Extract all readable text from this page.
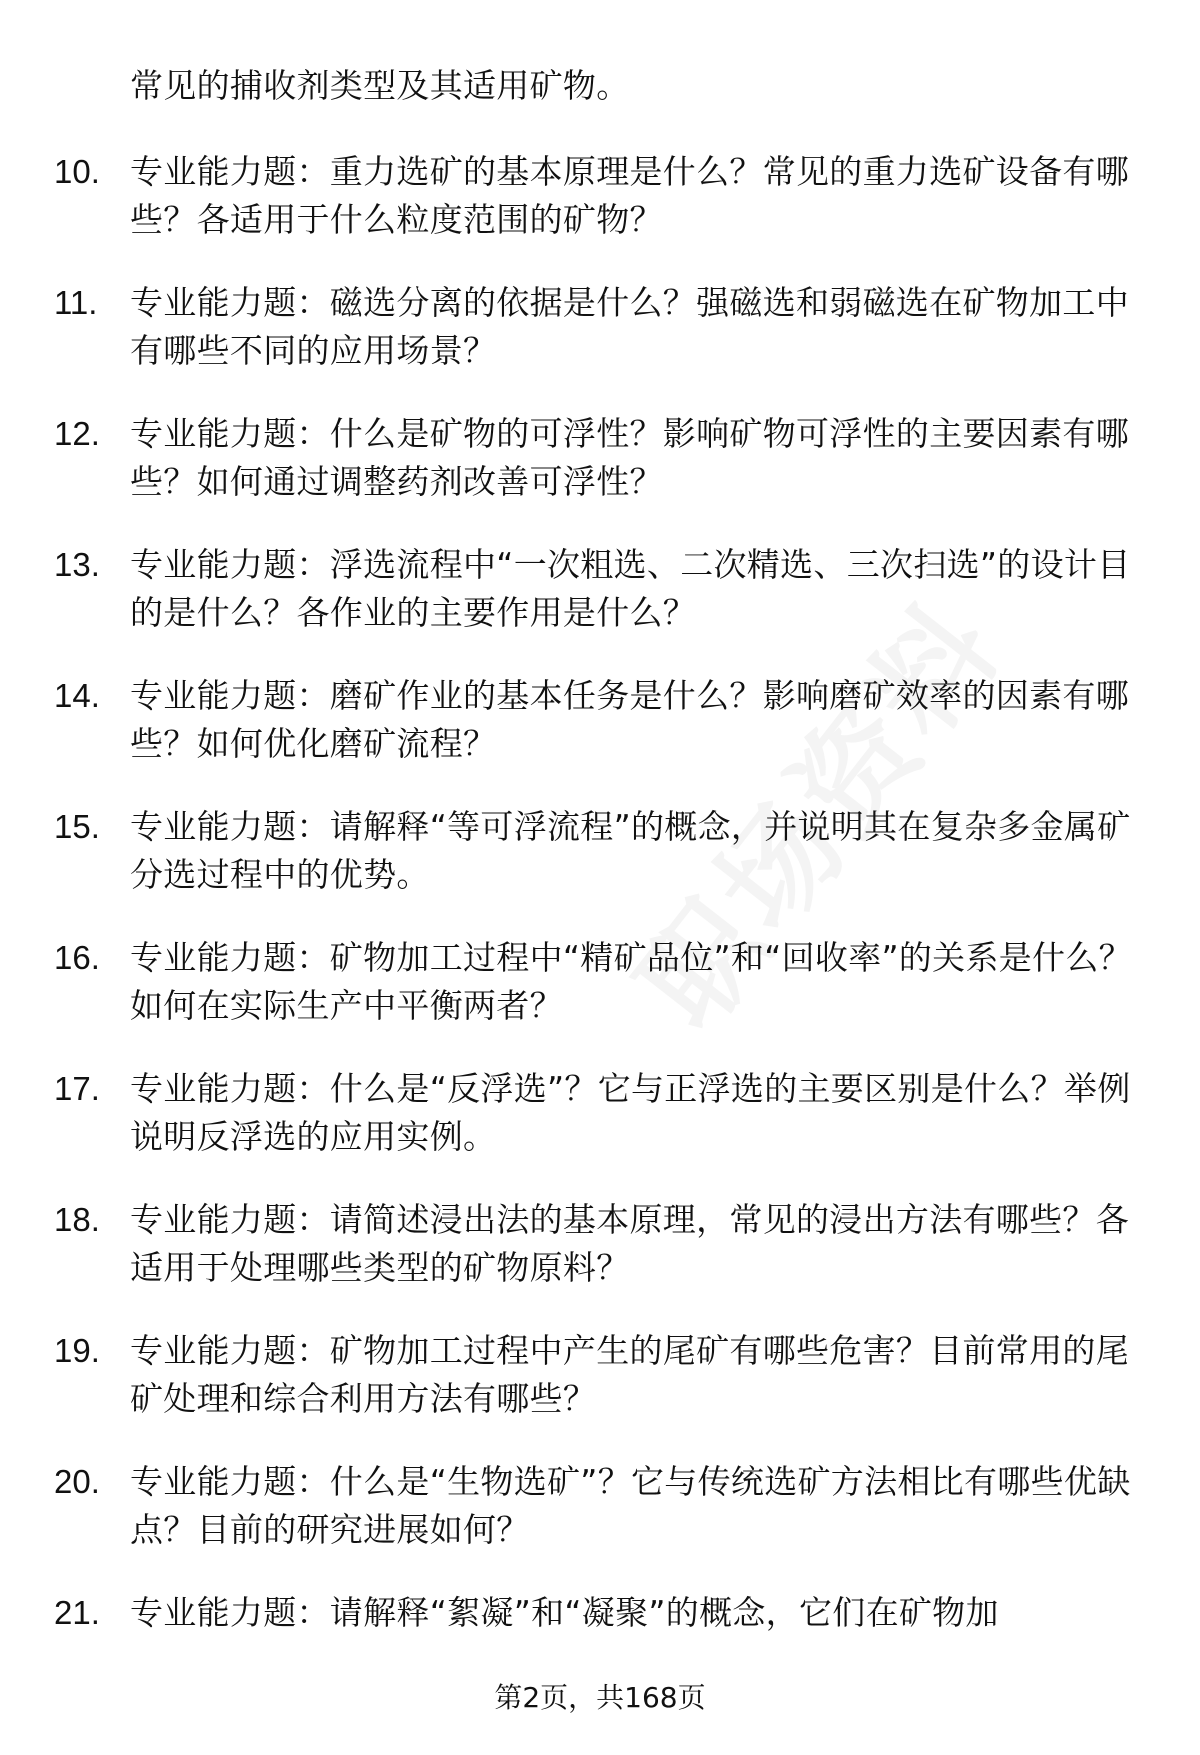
常见的捕收剂类型及其适用矿物。
10. 专业能力题：重力选矿的基本原理是什么？常见的重力选矿设备有哪些？各适用于什么粒度范围的矿物？
11. 专业能力题：磁选分离的依据是什么？强磁选和弱磁选在矿物加工中有哪些不同的应用场景？
12. 专业能力题：什么是矿物的可浮性？影响矿物可浮性的主要因素有哪些？如何通过调整药剂改善可浮性？
13. 专业能力题：浮选流程中“一次粗选、二次精选、三次扫选”的设计目的是什么？各作业的主要作用是什么？
14. 专业能力题：磨矿作业的基本任务是什么？影响磨矿效率的因素有哪些？如何优化磨矿流程？
15. 专业能力题：请解释“等可浮流程”的概念，并说明其在复杂多金属矿分选过程中的优势。
16. 专业能力题：矿物加工过程中“精矿品位”和“回收率”的关系是什么？如何在实际生产中平衡两者？
17. 专业能力题：什么是“反浮选”？它与正浮选的主要区别是什么？举例说明反浮选的应用实例。
18. 专业能力题：请简述浸出法的基本原理，常见的浸出方法有哪些？各适用于处理哪些类型的矿物原料？
19. 专业能力题：矿物加工过程中产生的尾矿有哪些危害？目前常用的尾矿处理和综合利用方法有哪些？
20. 专业能力题：什么是“生物选矿”？它与传统选矿方法相比有哪些优缺点？目前的研究进展如何？
21. 专业能力题：请解释“絮凝”和“凝聚”的概念，它们在矿物加
第2页，共168页
